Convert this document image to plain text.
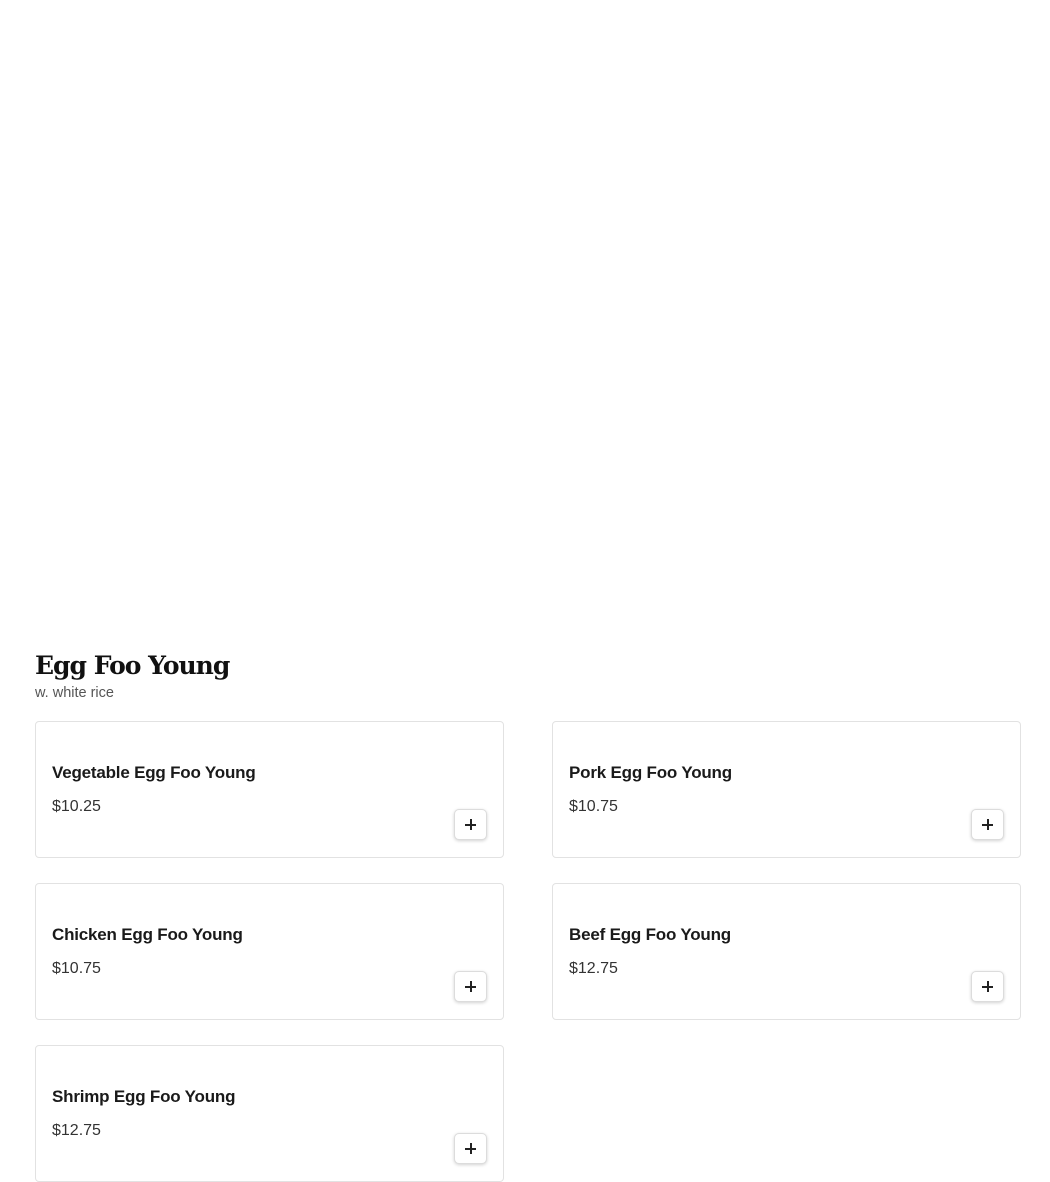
Egg Foo Young

w. white rice

Vegetable Egg Foo Young
$10.25
Pork Egg Foo Young
$10.75
Chicken Egg Foo Young
$10.75
Beef Egg Foo Young
$12.75
Shrimp Egg Foo Young
$12.75
